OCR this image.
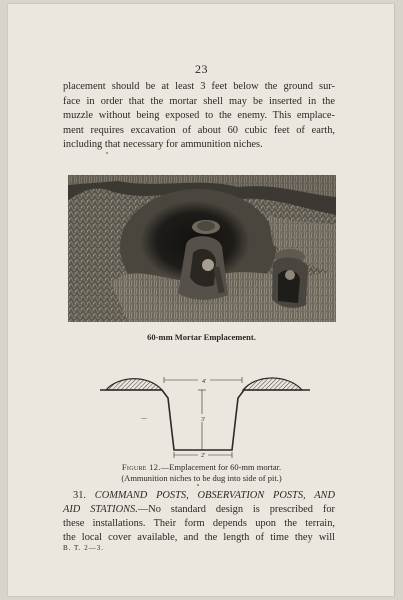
23

placement should be at least 3 feet below the ground sur-
face in order that the mortar shell may be inserted in the
muzzle without being exposed to the enemy. This emplace-
ment requires excavation of about 60 cubic feet of earth,
including that necessary for ammunition niches.

60-mm Mortar Emplacement.
4'
3'
2'
—
Figure 12.—Emplacement for 60-mm mortar.
(Ammunition niches to be dug into side of pit.)
31. COMMAND POSTS, OBSERVATION POSTS, AND
AID STATIONS.—No standard design is prescribed for
these installations. Their form depends upon the terrain,
the local cover available, and the length of time they will
B. T. 2—3.
